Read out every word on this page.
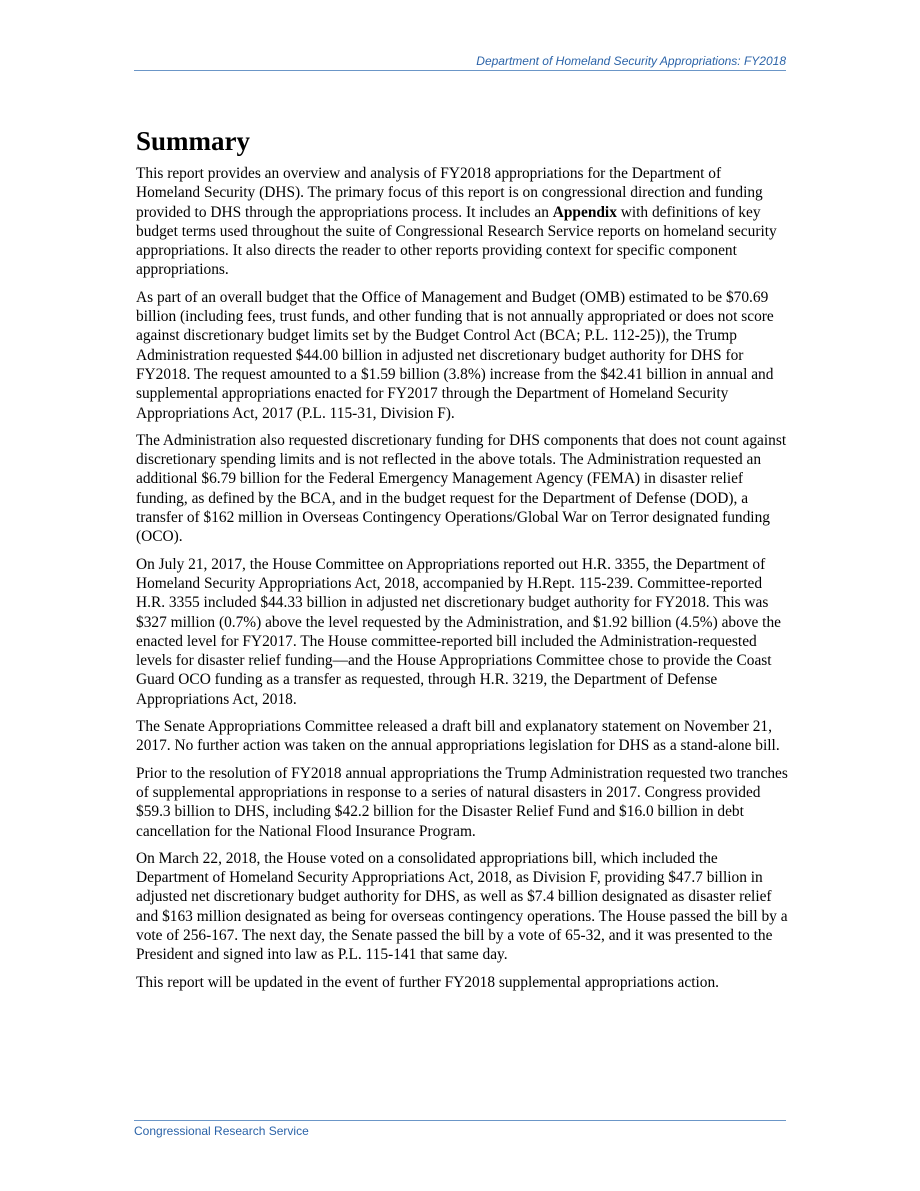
Department of Homeland Security Appropriations: FY2018
Summary

This report provides an overview and analysis of FY2018 appropriations for the Department of Homeland Security (DHS). The primary focus of this report is on congressional direction and funding provided to DHS through the appropriations process. It includes an Appendix with definitions of key budget terms used throughout the suite of Congressional Research Service reports on homeland security appropriations. It also directs the reader to other reports providing context for specific component appropriations.

As part of an overall budget that the Office of Management and Budget (OMB) estimated to be $70.69 billion (including fees, trust funds, and other funding that is not annually appropriated or does not score against discretionary budget limits set by the Budget Control Act (BCA; P.L. 112-25)), the Trump Administration requested $44.00 billion in adjusted net discretionary budget authority for DHS for FY2018. The request amounted to a $1.59 billion (3.8%) increase from the $42.41 billion in annual and supplemental appropriations enacted for FY2017 through the Department of Homeland Security Appropriations Act, 2017 (P.L. 115-31, Division F).

The Administration also requested discretionary funding for DHS components that does not count against discretionary spending limits and is not reflected in the above totals. The Administration requested an additional $6.79 billion for the Federal Emergency Management Agency (FEMA) in disaster relief funding, as defined by the BCA, and in the budget request for the Department of Defense (DOD), a transfer of $162 million in Overseas Contingency Operations/Global War on Terror designated funding (OCO).

On July 21, 2017, the House Committee on Appropriations reported out H.R. 3355, the Department of Homeland Security Appropriations Act, 2018, accompanied by H.Rept. 115-239. Committee-reported H.R. 3355 included $44.33 billion in adjusted net discretionary budget authority for FY2018. This was $327 million (0.7%) above the level requested by the Administration, and $1.92 billion (4.5%) above the enacted level for FY2017. The House committee-reported bill included the Administration-requested levels for disaster relief funding—and the House Appropriations Committee chose to provide the Coast Guard OCO funding as a transfer as requested, through H.R. 3219, the Department of Defense Appropriations Act, 2018.

The Senate Appropriations Committee released a draft bill and explanatory statement on November 21, 2017. No further action was taken on the annual appropriations legislation for DHS as a stand-alone bill.

Prior to the resolution of FY2018 annual appropriations the Trump Administration requested two tranches of supplemental appropriations in response to a series of natural disasters in 2017. Congress provided $59.3 billion to DHS, including $42.2 billion for the Disaster Relief Fund and $16.0 billion in debt cancellation for the National Flood Insurance Program.

On March 22, 2018, the House voted on a consolidated appropriations bill, which included the Department of Homeland Security Appropriations Act, 2018, as Division F, providing $47.7 billion in adjusted net discretionary budget authority for DHS, as well as $7.4 billion designated as disaster relief and $163 million designated as being for overseas contingency operations. The House passed the bill by a vote of 256-167. The next day, the Senate passed the bill by a vote of 65-32, and it was presented to the President and signed into law as P.L. 115-141 that same day.

This report will be updated in the event of further FY2018 supplemental appropriations action.

Congressional Research Service
